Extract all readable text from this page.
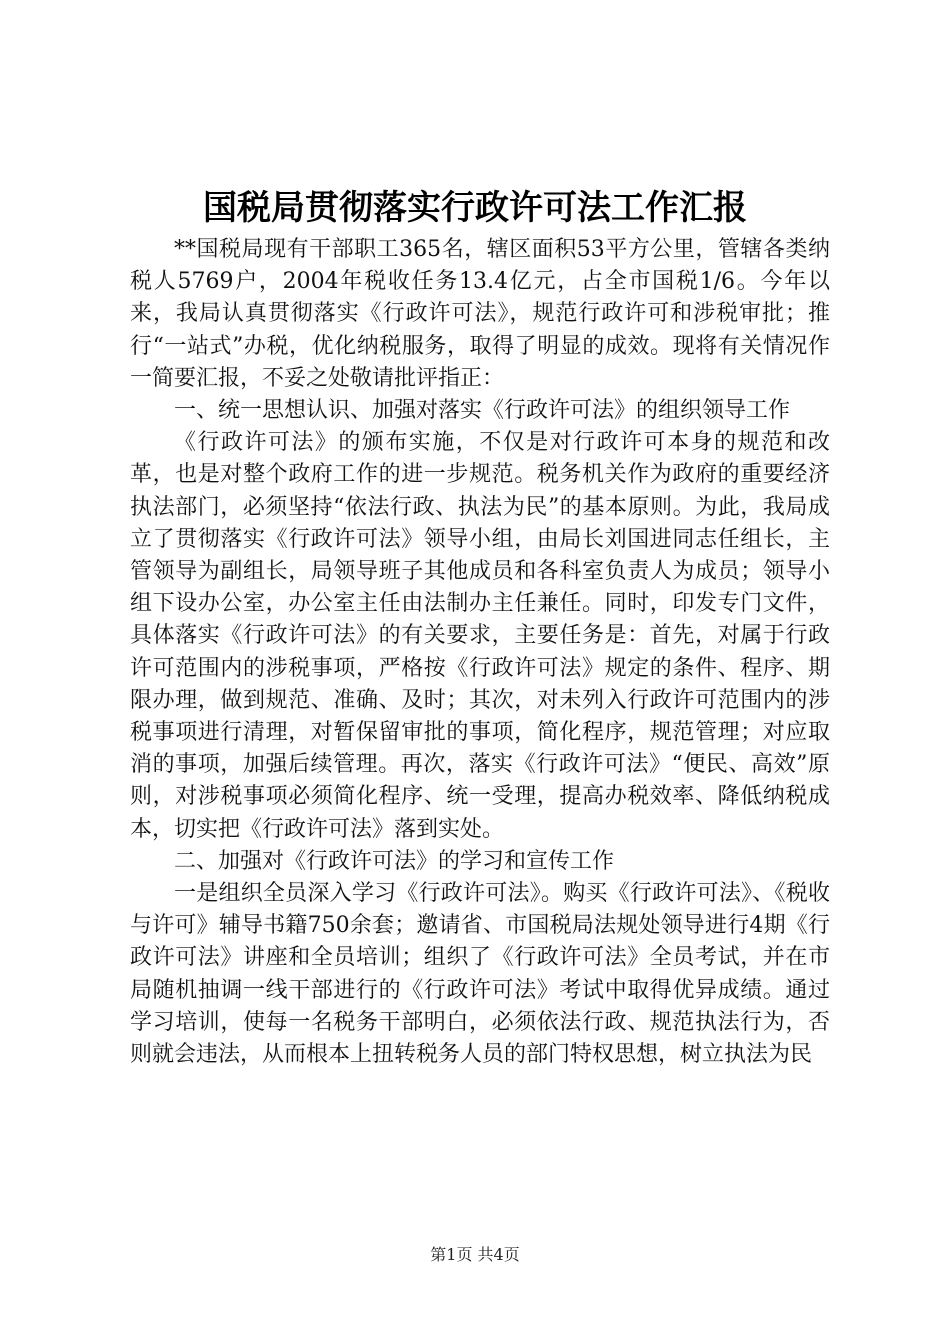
国税局贯彻落实行政许可法工作汇报

**国税局现有干部职工365名，辖区面积53平方公里，管辖各类纳税人5769户，2004年税收任务13.4亿元，占全市国税1/6。今年以来，我局认真贯彻落实《行政许可法》，规范行政许可和涉税审批；推行“一站式”办税，优化纳税服务，取得了明显的成效。现将有关情况作一简要汇报，不妥之处敬请批评指正：

一、统一思想认识、加强对落实《行政许可法》的组织领导工作

《行政许可法》的颁布实施，不仅是对行政许可本身的规范和改革，也是对整个政府工作的进一步规范。税务机关作为政府的重要经济执法部门，必须坚持“依法行政、执法为民”的基本原则。为此，我局成立了贯彻落实《行政许可法》领导小组，由局长刘国进同志任组长，主管领导为副组长，局领导班子其他成员和各科室负责人为成员；领导小组下设办公室，办公室主任由法制办主任兼任。同时，印发专门文件，具体落实《行政许可法》的有关要求，主要任务是：首先，对属于行政许可范围内的涉税事项，严格按《行政许可法》规定的条件、程序、期限办理，做到规范、准确、及时；其次，对未列入行政许可范围内的涉税事项进行清理，对暂保留审批的事项，简化程序，规范管理；对应取消的事项，加强后续管理。再次，落实《行政许可法》“便民、高效”原则，对涉税事项必须简化程序、统一受理，提高办税效率、降低纳税成本，切实把《行政许可法》落到实处。

二、加强对《行政许可法》的学习和宣传工作

一是组织全员深入学习《行政许可法》。购买《行政许可法》、《税收与许可》辅导书籍750余套；邀请省、市国税局法规处领导进行4期《行政许可法》讲座和全员培训；组织了《行政许可法》全员考试，并在市局随机抽调一线干部进行的《行政许可法》考试中取得优异成绩。通过学习培训，使每一名税务干部明白，必须依法行政、规范执法行为，否则就会违法，从而根本上扭转税务人员的部门特权思想，树立执法为民

第1页 共4页
